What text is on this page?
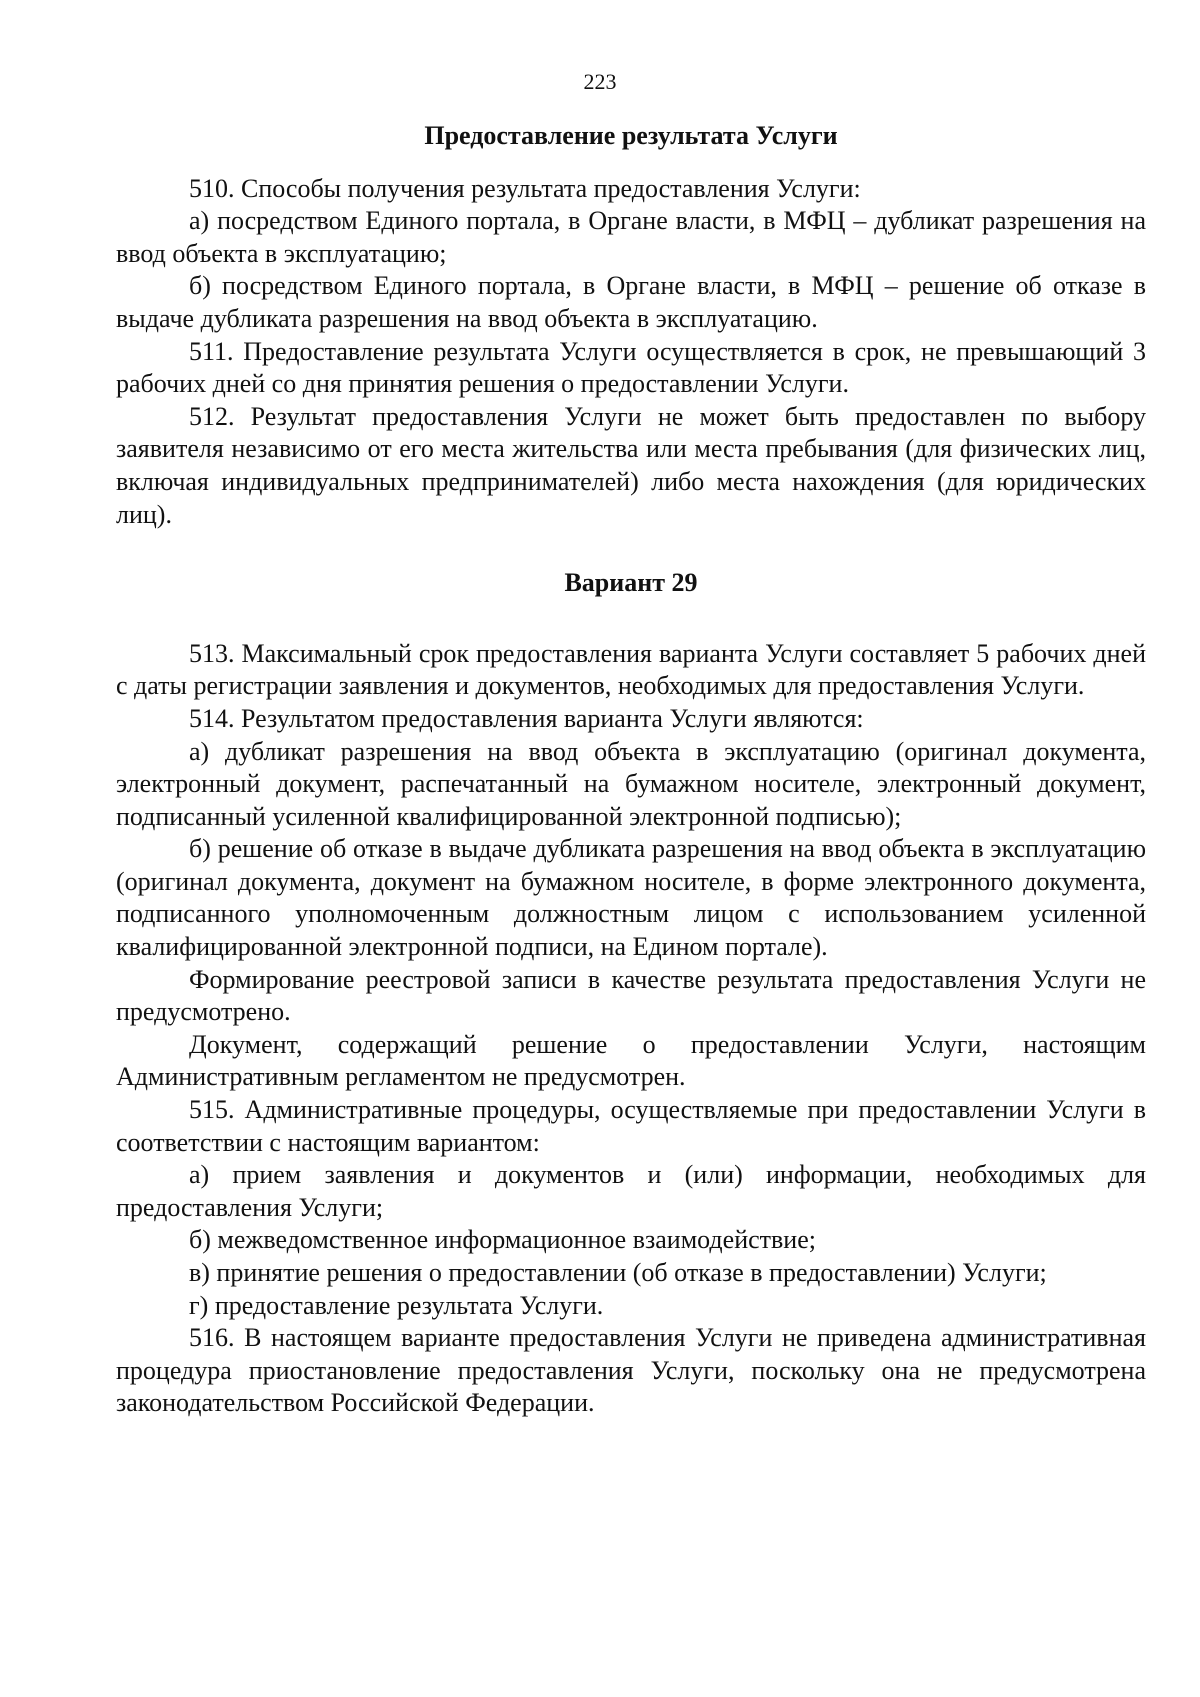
223
Предоставление результата Услуги

510. Способы получения результата предоставления Услуги:

а) посредством Единого портала, в Органе власти, в МФЦ – дубликат разрешения на ввод объекта в эксплуатацию;

б) посредством Единого портала, в Органе власти, в МФЦ – решение об отказе в выдаче дубликата разрешения на ввод объекта в эксплуатацию.

511. Предоставление результата Услуги осуществляется в срок, не превышающий 3 рабочих дней со дня принятия решения о предоставлении Услуги.

512. Результат предоставления Услуги не может быть предоставлен по выбору заявителя независимо от его места жительства или места пребывания (для физических лиц, включая индивидуальных предпринимателей) либо места нахождения (для юридических лиц).

Вариант 29

513. Максимальный срок предоставления варианта Услуги составляет 5 рабочих дней с даты регистрации заявления и документов, необходимых для предоставления Услуги.

514. Результатом предоставления варианта Услуги являются:

а) дубликат разрешения на ввод объекта в эксплуатацию (оригинал документа, электронный документ, распечатанный на бумажном носителе, электронный документ, подписанный усиленной квалифицированной электронной подписью);

б) решение об отказе в выдаче дубликата разрешения на ввод объекта в эксплуатацию (оригинал документа, документ на бумажном носителе, в форме электронного документа, подписанного уполномоченным должностным лицом с использованием усиленной квалифицированной электронной подписи, на Едином портале).

Формирование реестровой записи в качестве результата предоставления Услуги не предусмотрено.

Документ, содержащий решение о предоставлении Услуги, настоящим Административным регламентом не предусмотрен.

515. Административные процедуры, осуществляемые при предоставлении Услуги в соответствии с настоящим вариантом:

а) прием заявления и документов и (или) информации, необходимых для предоставления Услуги;

б) межведомственное информационное взаимодействие;

в) принятие решения о предоставлении (об отказе в предоставлении) Услуги;

г) предоставление результата Услуги.

516. В настоящем варианте предоставления Услуги не приведена административная процедура приостановление предоставления Услуги, поскольку она не предусмотрена законодательством Российской Федерации.
